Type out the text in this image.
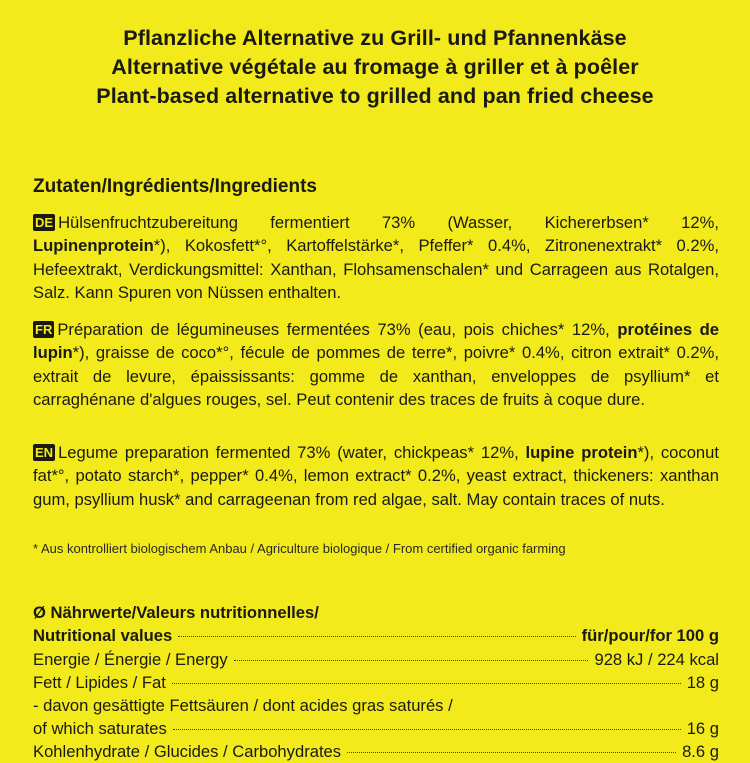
Pflanzliche Alternative zu Grill- und Pfannenkäse
Alternative végétale au fromage à griller et à poêler
Plant-based alternative to grilled and pan fried cheese
Zutaten/Ingrédients/Ingredients
DE Hülsenfruchtzubereitung fermentiert 73% (Wasser, Kichererbsen* 12%, Lupinenprotein*), Kokosfett*°, Kartoffelstärke*, Pfeffer* 0.4%, Zitronenextrakt* 0.2%, Hefeextrakt, Verdickungsmittel: Xanthan, Flohsamenschalen* und Carrageen aus Rotalgen, Salz. Kann Spuren von Nüssen enthalten.
FR Préparation de légumineuses fermentées 73% (eau, pois chiches* 12%, protéines de lupin*), graisse de coco*°, fécule de pommes de terre*, poivre* 0.4%, citron extrait* 0.2%, extrait de levure, épaississants: gomme de xanthan, enveloppes de psyllium* et carraghénane d'algues rouges, sel. Peut contenir des traces de fruits à coque dure.
EN Legume preparation fermented 73% (water, chickpeas* 12%, lupine protein*), coconut fat*°, potato starch*, pepper* 0.4%, lemon extract* 0.2%, yeast extract, thickeners: xanthan gum, psyllium husk* and carrageenan from red algae, salt. May contain traces of nuts.
* Aus kontrolliert biologischem Anbau / Agriculture biologique / From certified organic farming
Ø Nährwerte/Valeurs nutritionnelles/
Nutritional values	für/pour/for 100 g
Energie / Énergie / Energy	928 kJ / 224 kcal
Fett / Lipides / Fat	18 g
- davon gesättigte Fettsäuren / dont acides gras saturés /
of which saturates	16 g
Kohlenhydrate / Glucides / Carbohydrates	8.6 g
